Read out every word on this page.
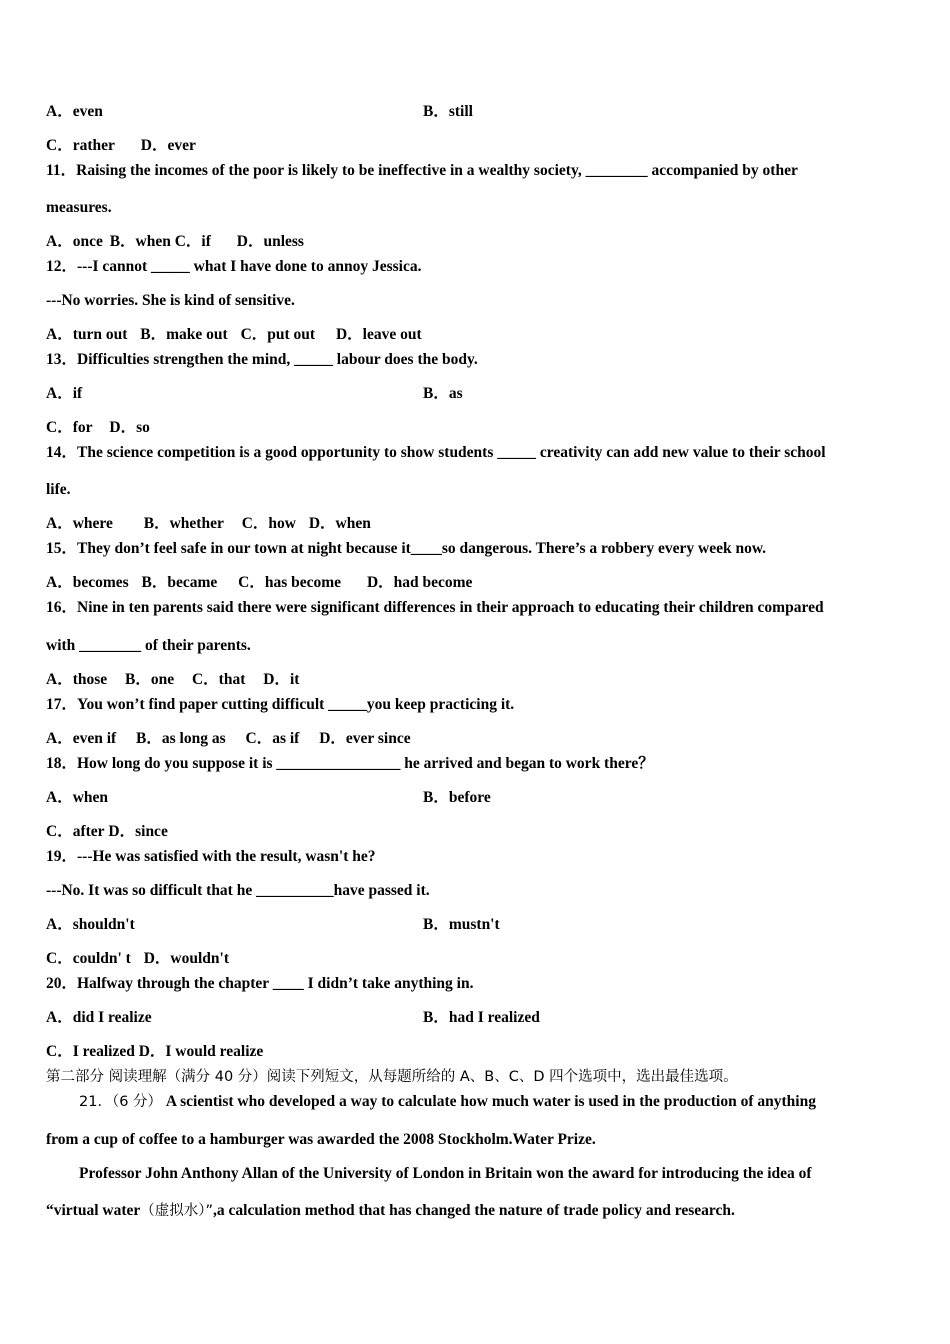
A．even	B．still
C．rather D．ever
11．Raising the incomes of the poor is likely to be ineffective in a wealthy society, ________ accompanied by other
measures.
A．once B．when C．if D．unless
12．---I cannot _____ what I have done to annoy Jessica.
---No worries. She is kind of sensitive.
A．turn out B．make out C．put out D．leave out
13．Difficulties strengthen the mind, _____ labour does the body.
A．if	B．as
C．for D．so
14．The science competition is a good opportunity to show students _____ creativity can add new value to their school
life.
A．where B．whether C．how D．when
15．They don’t feel safe in our town at night because it____so dangerous. There’s a robbery every week now.
A．becomes B．became C．has become D．had become
16．Nine in ten parents said there were significant differences in their approach to educating their children compared
with ________ of their parents.
A．those B．one C．that D．it
17．You won’t find paper cutting difficult _____you keep practicing it.
A．even if B．as long as C．as if D．ever since
18．How long do you suppose it is ________________ he arrived and began to work there？
A．when	B．before
C．after D．since
19．---He was satisfied with the result, wasn't he?
---No. It was so difficult that he __________have passed it.
A．shouldn't	B．mustn't
C．couldn' t D．wouldn't
20．Halfway through the chapter ____ I didn’t take anything in.
A．did I realize	B．had I realized
C．I realized D．I would realize
第二部分 阅读理解（满分 40 分）阅读下列短文，从每题所给的 A、B、C、D 四个选项中，选出最佳选项。
21．（6 分） A scientist who developed a way to calculate how much water is used in the production of anything
from a cup of coffee to a hamburger was awarded the 2008 Stockholm.Water Prize.
Professor John Anthony Allan of the University of London in Britain won the award for introducing the idea of
“virtual water（虚拟水）”,a calculation method that has changed the nature of trade policy and research.
